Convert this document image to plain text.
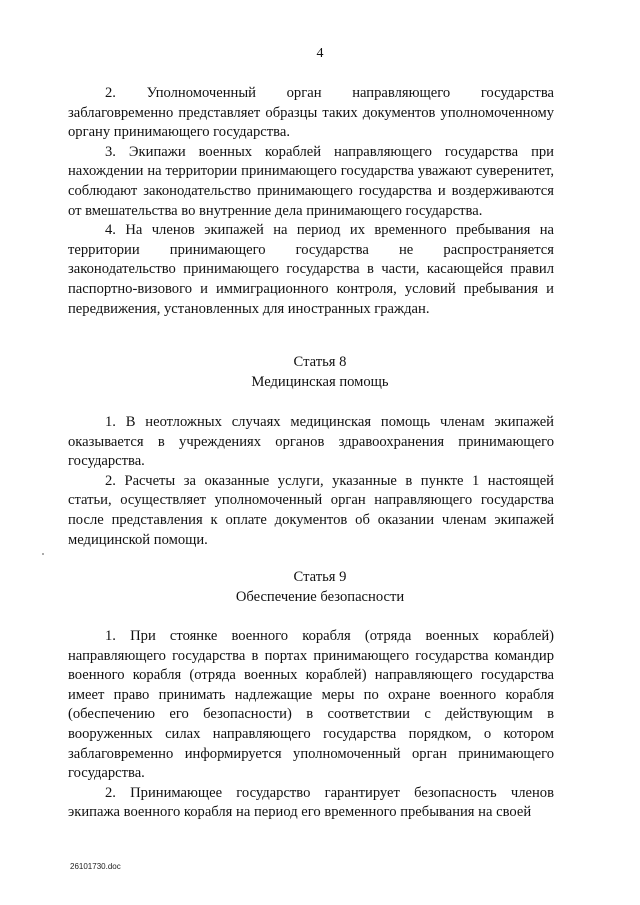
4

2. Уполномоченный орган направляющего государства заблаговременно представляет образцы таких документов уполномоченному органу принимающего государства.

3. Экипажи военных кораблей направляющего государства при нахождении на территории принимающего государства уважают суверенитет, соблюдают законодательство принимающего государства и воздерживаются от вмешательства во внутренние дела принимающего государства.

4. На членов экипажей на период их временного пребывания на территории принимающего государства не распространяется законодательство принимающего государства в части, касающейся правил паспортно-визового и иммиграционного контроля, условий пребывания и передвижения, установленных для иностранных граждан.

Статья 8
Медицинская помощь

1. В неотложных случаях медицинская помощь членам экипажей оказывается в учреждениях органов здравоохранения принимающего государства.

2. Расчеты за оказанные услуги, указанные в пункте 1 настоящей статьи, осуществляет уполномоченный орган направляющего государства после представления к оплате документов об оказании членам экипажей медицинской помощи.

Статья 9
Обеспечение безопасности

1. При стоянке военного корабля (отряда военных кораблей) направляющего государства в портах принимающего государства командир военного корабля (отряда военных кораблей) направляющего государства имеет право принимать надлежащие меры по охране военного корабля (обеспечению его безопасности) в соответствии с действующим в вооруженных силах направляющего государства порядком, о котором заблаговременно информируется уполномоченный орган принимающего государства.

2. Принимающее государство гарантирует безопасность членов экипажа военного корабля на период его временного пребывания на своей

26101730.doc
